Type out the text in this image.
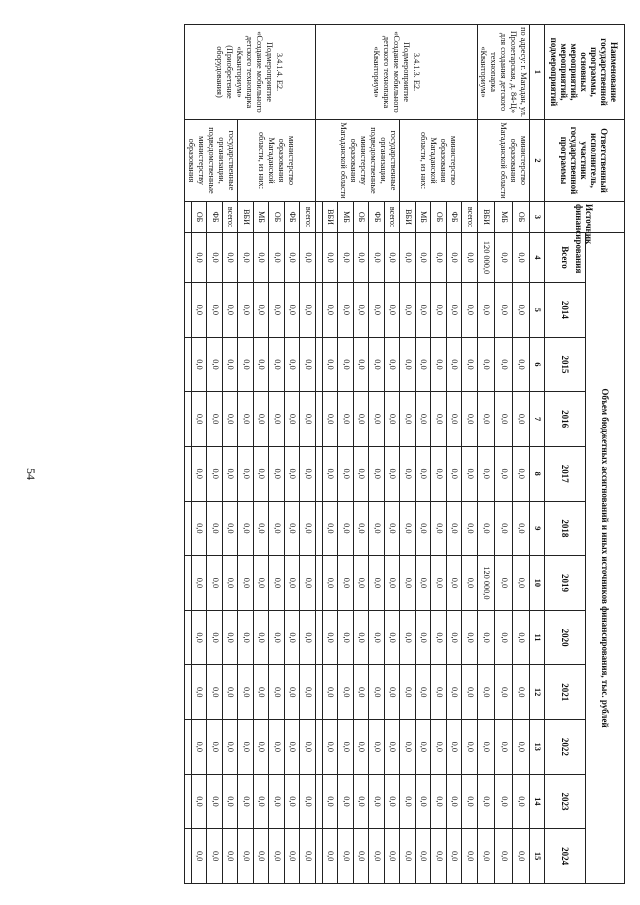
54
Наименование государственной программы, основных мероприятий, мероприятий, подмероприятий	Ответственный исполнитель, участник государственной программы	Источник финансирования	Объем бюджетных ассигнований и иных источников финансирования, тыс. рублей											
			Всего	2014	2015	2016	2017	2018	2019	2020	2021	2022	2023	2024
1	2	3	4	5	6	7	8	9	10	11	12	13	14	15
по адресу: г. Магадан, ул. Пролетарская, д. 84-Ц» для создания детского технопарка «Кванториум»	министерство образования Магаданской области	ОБ	0,0	0,0	0,0	0,0	0,0	0,0	0,0	0,0	0,0	0,0	0,0	0,0
		МБ	0,0	0,0	0,0	0,0	0,0	0,0	0,0	0,0	0,0	0,0	0,0	0,0
		ВБИ	120 000,0	0,0	0,0	0,0	0,0	0,0	120 000,0	0,0	0,0	0,0	0,0	0,0
3.4.1.3. Е2. Подмероприятие «Создание мобильного детского технопарка «Кванториум»	министерство образования Магаданской области, из них:	всего:	0,0	0,0	0,0	0,0	0,0	0,0	0,0	0,0	0,0	0,0	0,0	0,0
		ФБ	0,0	0,0	0,0	0,0	0,0	0,0	0,0	0,0	0,0	0,0	0,0	0,0
		ОБ	0,0	0,0	0,0	0,0	0,0	0,0	0,0	0,0	0,0	0,0	0,0	0,0
		МБ	0,0	0,0	0,0	0,0	0,0	0,0	0,0	0,0	0,0	0,0	0,0	0,0
		ВБИ	0,0	0,0	0,0	0,0	0,0	0,0	0,0	0,0	0,0	0,0	0,0	0,0
	государственные организации, подведомственные министерству образования Магаданской области	всего:	0,0	0,0	0,0	0,0	0,0	0,0	0,0	0,0	0,0	0,0	0,0	0,0
		ФБ	0,0	0,0	0,0	0,0	0,0	0,0	0,0	0,0	0,0	0,0	0,0	0,0
		ОБ	0,0	0,0	0,0	0,0	0,0	0,0	0,0	0,0	0,0	0,0	0,0	0,0
		МБ	0,0	0,0	0,0	0,0	0,0	0,0	0,0	0,0	0,0	0,0	0,0	0,0
		ВБИ	0,0	0,0	0,0	0,0	0,0	0,0	0,0	0,0	0,0	0,0	0,0	0,0

3.4.1.4. Е2. Подмероприятие «Создание мобильного детского технопарка «Кванториум» (Приобретение оборудования)	министерство образования Магаданской области, из них:	всего:	0,0	0,0	0,0	0,0	0,0	0,0	0,0	0,0	0,0	0,0	0,0	0,0
		ФБ	0,0	0,0	0,0	0,0	0,0	0,0	0,0	0,0	0,0	0,0	0,0	0,0
		ОБ	0,0	0,0	0,0	0,0	0,0	0,0	0,0	0,0	0,0	0,0	0,0	0,0
		МБ	0,0	0,0	0,0	0,0	0,0	0,0	0,0	0,0	0,0	0,0	0,0	0,0
		ВБИ	0,0	0,0	0,0	0,0	0,0	0,0	0,0	0,0	0,0	0,0	0,0	0,0
	государственные организации, подведомственные министерству образования	всего:	0,0	0,0	0,0	0,0	0,0	0,0	0,0	0,0	0,0	0,0	0,0	0,0
		ФБ	0,0	0,0	0,0	0,0	0,0	0,0	0,0	0,0	0,0	0,0	0,0	0,0
		ОБ	0,0	0,0	0,0	0,0	0,0	0,0	0,0	0,0	0,0	0,0	0,0	0,0
